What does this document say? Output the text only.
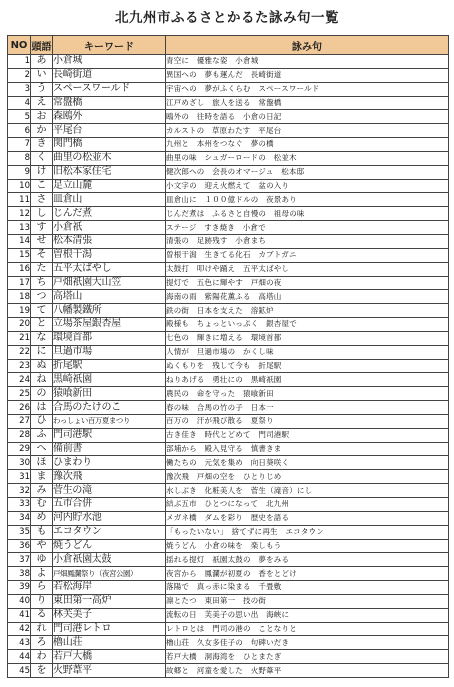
北九州市ふるさとかるた詠み句一覧
NO	頭語	キーワード	詠み句
1	あ	小倉城	青空に　優雅な姿　小倉城
2	い	長崎街道	異国への　夢も運んだ　長崎街道
3	う	スペースワールド	宇宙への　夢がふくらむ　スペースワールド
4	え	常盤橋	江戸めざし　旅人を送る　常盤橋
5	お	森鴎外	鴎外の　往時を語る　小倉の日記
6	か	平尾台	カルストの　草原わたす　平尾台
7	き	関門橋	九州と　本州をつなぐ　夢の橋
8	く	曲里の松並木	曲里の味　シュガーロードの　松並木
9	け	旧松本家住宅	健次郎への　会長のオマージュ　松本邸
10	こ	足立山麓	小文字の　迎え火燃えて　盆の入り
11	さ	皿倉山	皿倉山に　１００億ドルの　夜景あり
12	し	じんだ煮	じんだ煮は　ふるさと自慢の　祖母の味
13	す	小倉祇	ステージ　すき焼き　小倉で
14	せ	松本清張	清張の　足跡残す　小倉まち
15	そ	曽根干潟	曽根干潟　生きてる化石　カブトガニ
16	た	五平太ばやし	太鼓打　叩けや踊え　五平太ばやし
17	ち	戸畑祇園大山笠	提灯で　五色に輝やす　戸畑の夜
18	つ	高塔山	海南の雨　紫陽花薫ふる　高塔山
19	て	八幡製鐵所	鉄の街　日本を支えた　溶鉱炉
20	と	立場茶屋銀杏屋	殿様も　ちょっといっぷく　銀杏屋で
21	な	環境首都	七色の　輝きに増える　環境首都
22	に	旦過市場	人情が　旦過市場の　かくし味
23	ぬ	折尾駅	ぬくもりを　残して今も　折尾駅
24	ね	黒崎祇園	ねりあげる　勇壮にの　黒崎祇園
25	の	猿喰新田	農民の　命を守った　猿喰新田
26	は	合馬のたけのこ	春の味　合馬の竹の子　日本一
27	ひ	わっしょい百万夏まつり	百万の　汗が飛び散る　夏祭り
28	ふ	門司港駅	古き佳き　時代とどめて　門司港駅
29	へ	備前書	部埔から　殿入見守る　慎書きま
30	ほ	ひまわり	働たちの　元気を集め　向日葵咲く
31	ま	豫次飛	豫次飛　戸畑の空を　ひとりじめ
32	み	菅生の滝	水しぶき　化粧美人を　菅生（滝音）にし
33	む	五市合併	結ぶ五市　ひとつになって　北九州
34	め	河内貯水池	メガネ橋　ダムを彩り　歴史を語る
35	も	エコタウン	「もったいない」　捨てずに再生　エコタウン
36	や	焼うどん	焼うどん　小倉の味を　楽しもう
37	ゆ	小倉祇園太鼓	揺れる提灯　祇園太鼓の　夢をみる
38	よ	戸畑鳳瀾祭り（夜宮公園）	夜宮から　鳳瀾が初夏の　香をとどけ
39	ら	若松海岸	落陽で　真っ赤に染まる　千畳敷
40	り	東田第一高炉	凛とたつ　東田第一　技の街
41	る	林芙美子	流転の日　芙美子の思い出　海峡に
42	れ	門司港レトロ	レトロとは　門司の港の　ことなりと
43	ろ	櫓山荘	櫓山荘　久女多佳子の　句碑いだき
44	わ	若戸大橋	若戸大橋　洞海湾を　ひとまたぎ
45	を	火野葦平	故郷と　河童を愛した　火野葦平
